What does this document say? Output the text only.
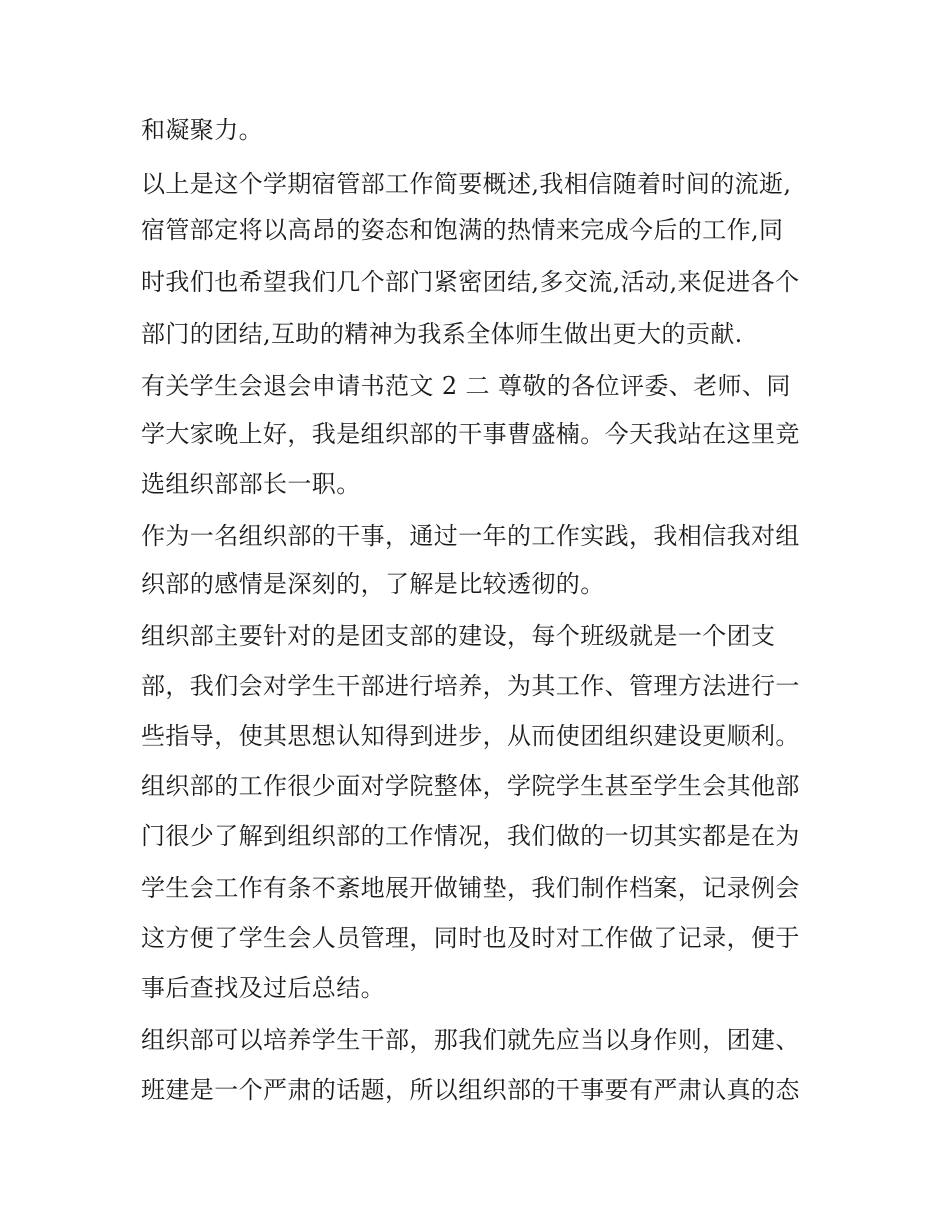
和凝聚力。
以上是这个学期宿管部工作简要概述,我相信随着时间的流逝,
宿管部定将以高昂的姿态和饱满的热情来完成今后的工作,同
时我们也希望我们几个部门紧密团结,多交流,活动,来促进各个
部门的团结,互助的精神为我系全体师生做出更大的贡献.
有关学生会退会申请书范文 2 二 尊敬的各位评委、老师、同
学大家晚上好，我是组织部的干事曹盛楠。今天我站在这里竞
选组织部部长一职。
作为一名组织部的干事，通过一年的工作实践，我相信我对组
织部的感情是深刻的，了解是比较透彻的。
组织部主要针对的是团支部的建设，每个班级就是一个团支
部，我们会对学生干部进行培养，为其工作、管理方法进行一
些指导，使其思想认知得到进步，从而使团组织建设更顺利。
组织部的工作很少面对学院整体，学院学生甚至学生会其他部
门很少了解到组织部的工作情况，我们做的一切其实都是在为
学生会工作有条不紊地展开做铺垫，我们制作档案，记录例会
这方便了学生会人员管理，同时也及时对工作做了记录，便于
事后查找及过后总结。
组织部可以培养学生干部，那我们就先应当以身作则，团建、
班建是一个严肃的话题，所以组织部的干事要有严肃认真的态
